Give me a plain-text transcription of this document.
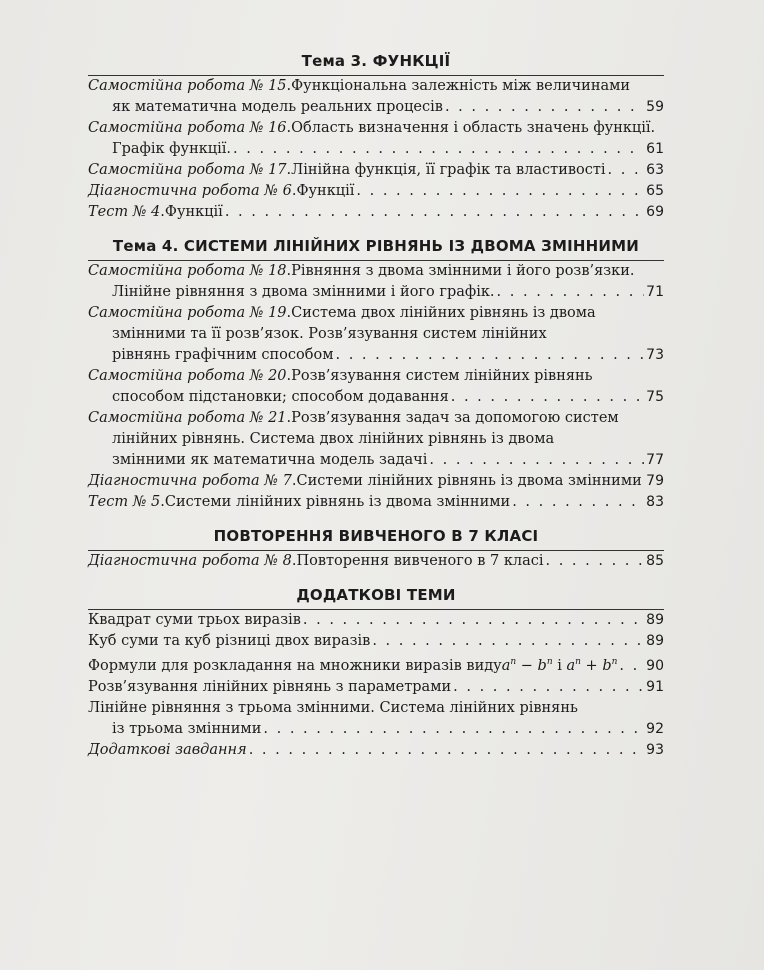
Тема 3. ФУНКЦІЇ
Самостійна робота № 15 . Функціональна залежність між величинами
як математична модель реальних процесів . . .	59
Самостійна робота № 16 . Область визначення і область значень функції.
Графік функції. . . .	61
Самостійна робота № 17 . Лінійна функція, її графік та властивості . . .	63
Діагностична робота № 6 . Функції . . .	65
Тест № 4 . Функції . . .	69
Тема 4. СИСТЕМИ ЛІНІЙНИХ РІВНЯНЬ ІЗ ДВОМА ЗМІННИМИ
Самостійна робота № 18 . Рівняння з двома змінними і його розв’язки.
Лінійне рівняння з двома змінними і його графік. . . .	71
Самостійна робота № 19 . Система двох лінійних рівнянь із двома
змінними та її розв’язок. Розв’язування систем лінійних
рівнянь графічним способом . . .	73
Самостійна робота № 20 . Розв’язування систем лінійних рівнянь
способом підстановки; способом додавання . . .	75
Самостійна робота № 21 . Розв’язування задач за допомогою систем
лінійних рівнянь. Система двох лінійних рівнянь із двома
змінними як математична модель задачі . . .	77
Діагностична робота № 7 . Системи лінійних рівнянь із двома змінними . . . 79
Тест № 5 . Системи лінійних рівнянь із двома змінними . . .	83
ПОВТОРЕННЯ ВИВЧЕНОГО В 7 КЛАСІ
Діагностична робота № 8 . Повторення вивченого в 7 класі . . .	85
ДОДАТКОВІ ТЕМИ
Квадрат суми трьох виразів . . .	89
Куб суми та куб різниці двох виразів . . .	89
Формули для розкладання на множники виразів виду $a^n - b^n$ і $a^n + b^n$ . . . 90
Розв’язування лінійних рівнянь з параметрами . . .	91
Лінійне рівняння з трьома змінними. Система лінійних рівнянь
із трьома змінними . . .	92
Додаткові завдання . . .	93
